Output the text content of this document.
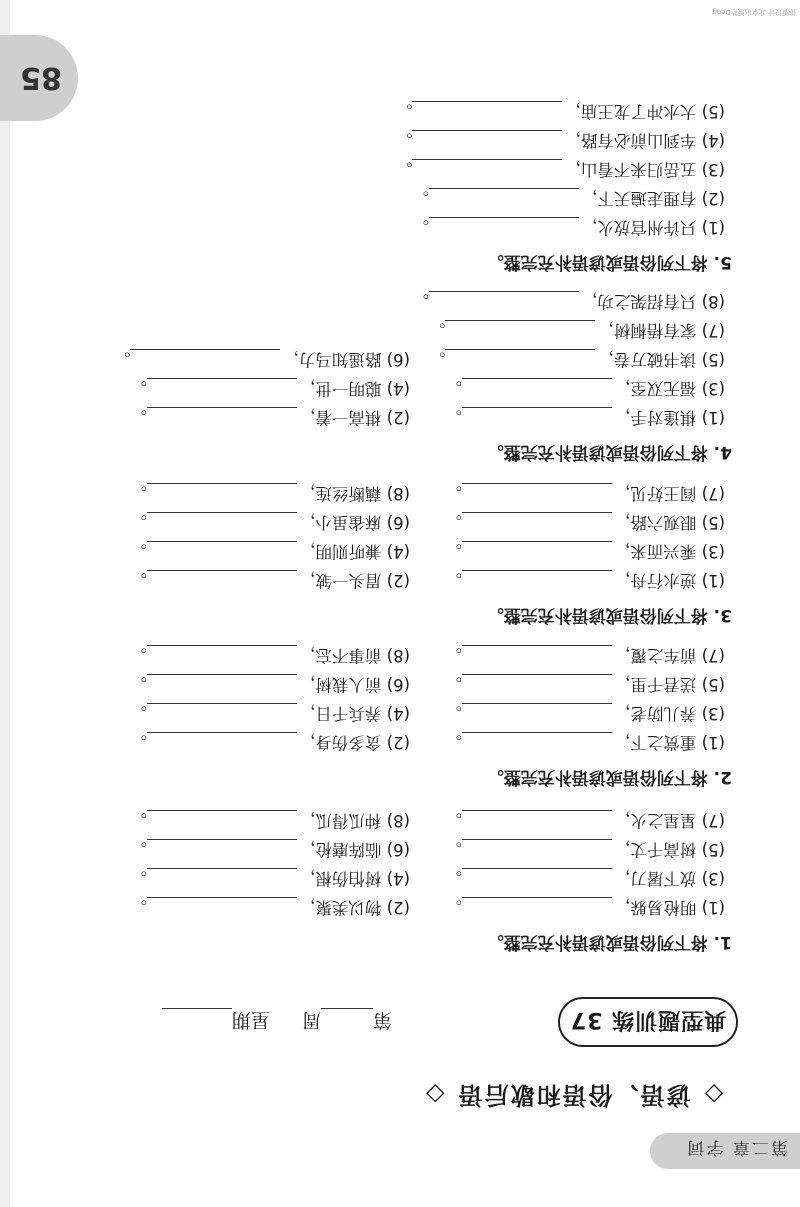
第二章 字词
85
◇ 谚语、俗语和歇后语 ◇
典型题训练 37
第周  星期
1.将下列俗语或谚语补充完整。
(1) 明枪易躲，。
(2) 物以类聚，。
(3) 放下屠刀，。
(4) 树怕伤根，。
(5) 树高千丈，。
(6) 临阵磨枪，。
(7) 星星之火，。
(8) 种瓜得瓜，。
2.将下列俗语或谚语补充完整。
(1) 重赏之下，。
(2) 贪多伤身，。
(3) 养儿防老，。
(4) 养兵千日，。
(5) 送君千里，。
(6) 前人栽树，。
(7) 前车之覆，。
(8) 前事不忘，。
3.将下列俗语或谚语补充完整。
(1) 逆水行舟，。
(2) 眉头一皱，。
(3) 乘兴而来，。
(4) 兼听则明，。
(5) 眼观六路，。
(6) 麻雀虽小，。
(7) 阎王好见，。
(8) 藕断丝连，。
4.将下列俗语或谚语补充完整。
(1) 棋逢对手，。
(2) 棋高一着，。
(3) 福无双至，。
(4) 聪明一世，。
(5) 读书破万卷，。
(6) 路遥知马力，。
(7) 家有梧桐树，。
(8) 只有招架之功，。
5.将下列俗语或谚语补充完整。
(1) 只许州官放火，。
(2) 有理走遍天下，。
(3) 五岳归来不看山，。
(4) 车到山前必有路，。
(5) 大水冲了龙王庙，。
排版设计 北京出版社Deng
